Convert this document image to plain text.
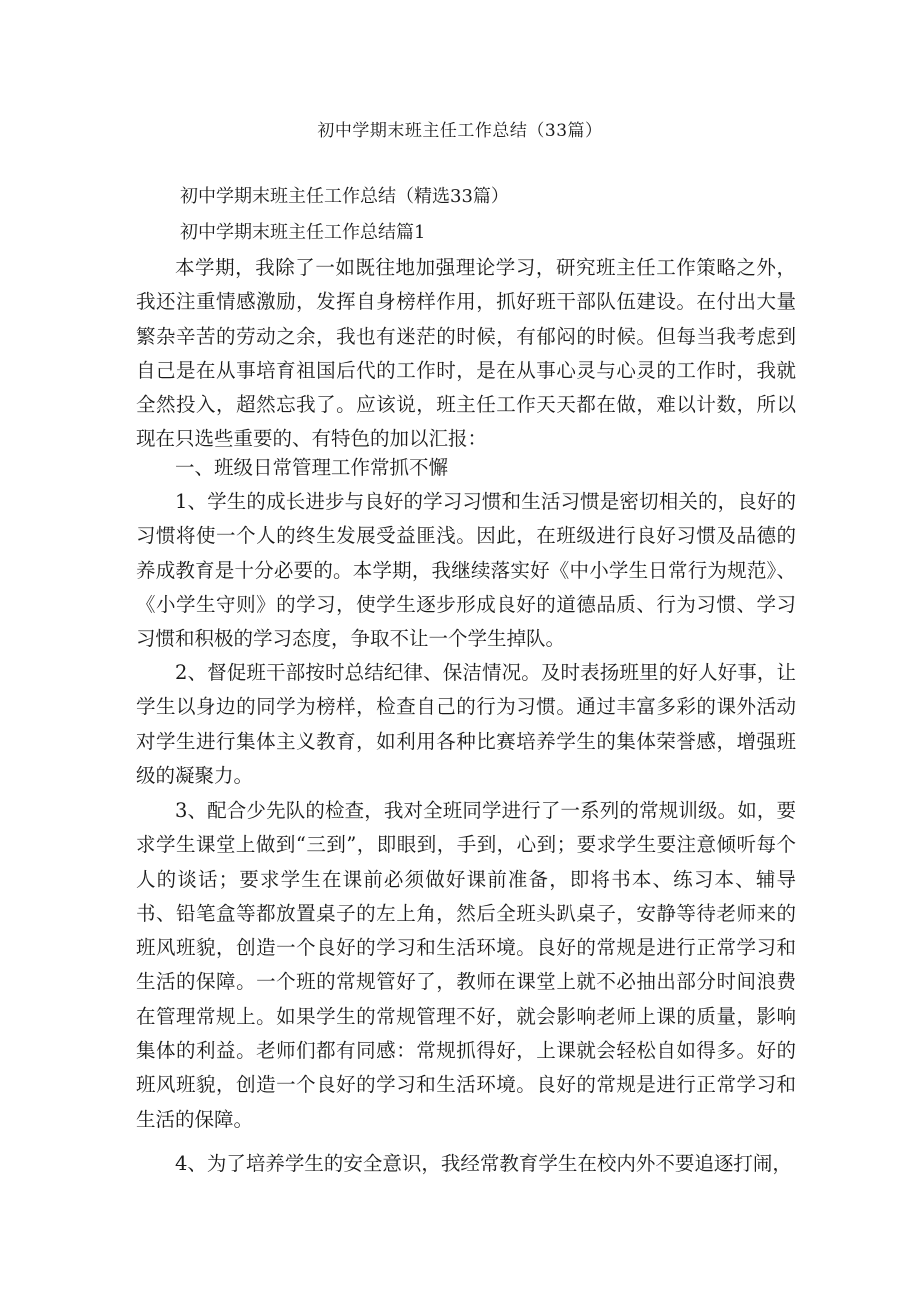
初中学期末班主任工作总结（33篇）
初中学期末班主任工作总结（精选33篇）
初中学期末班主任工作总结篇1

本学期，我除了一如既往地加强理论学习，研究班主任工作策略之外，我还注重情感激励，发挥自身榜样作用，抓好班干部队伍建设。在付出大量繁杂辛苦的劳动之余，我也有迷茫的时候，有郁闷的时候。但每当我考虑到自己是在从事培育祖国后代的工作时，是在从事心灵与心灵的工作时，我就全然投入，超然忘我了。应该说，班主任工作天天都在做，难以计数，所以现在只选些重要的、有特色的加以汇报：

一、班级日常管理工作常抓不懈

1、学生的成长进步与良好的学习习惯和生活习惯是密切相关的，良好的习惯将使一个人的终生发展受益匪浅。因此，在班级进行良好习惯及品德的养成教育是十分必要的。本学期，我继续落实好《中小学生日常行为规范》、《小学生守则》的学习，使学生逐步形成良好的道德品质、行为习惯、学习习惯和积极的学习态度，争取不让一个学生掉队。

2、督促班干部按时总结纪律、保洁情况。及时表扬班里的好人好事，让学生以身边的同学为榜样，检查自己的行为习惯。通过丰富多彩的课外活动对学生进行集体主义教育，如利用各种比赛培养学生的集体荣誉感，增强班级的凝聚力。

3、配合少先队的检查，我对全班同学进行了一系列的常规训级。如，要求学生课堂上做到“三到”，即眼到，手到，心到；要求学生要注意倾听每个人的谈话；要求学生在课前必须做好课前准备，即将书本、练习本、辅导书、铅笔盒等都放置桌子的左上角，然后全班头趴桌子，安静等待老师来的班风班貌，创造一个良好的学习和生活环境。良好的常规是进行正常学习和生活的保障。一个班的常规管好了，教师在课堂上就不必抽出部分时间浪费在管理常规上。如果学生的常规管理不好，就会影响老师上课的质量，影响集体的利益。老师们都有同感：常规抓得好，上课就会轻松自如得多。好的班风班貌，创造一个良好的学习和生活环境。良好的常规是进行正常学习和生活的保障。

4、为了培养学生的安全意识，我经常教育学生在校内外不要追逐打闹，
